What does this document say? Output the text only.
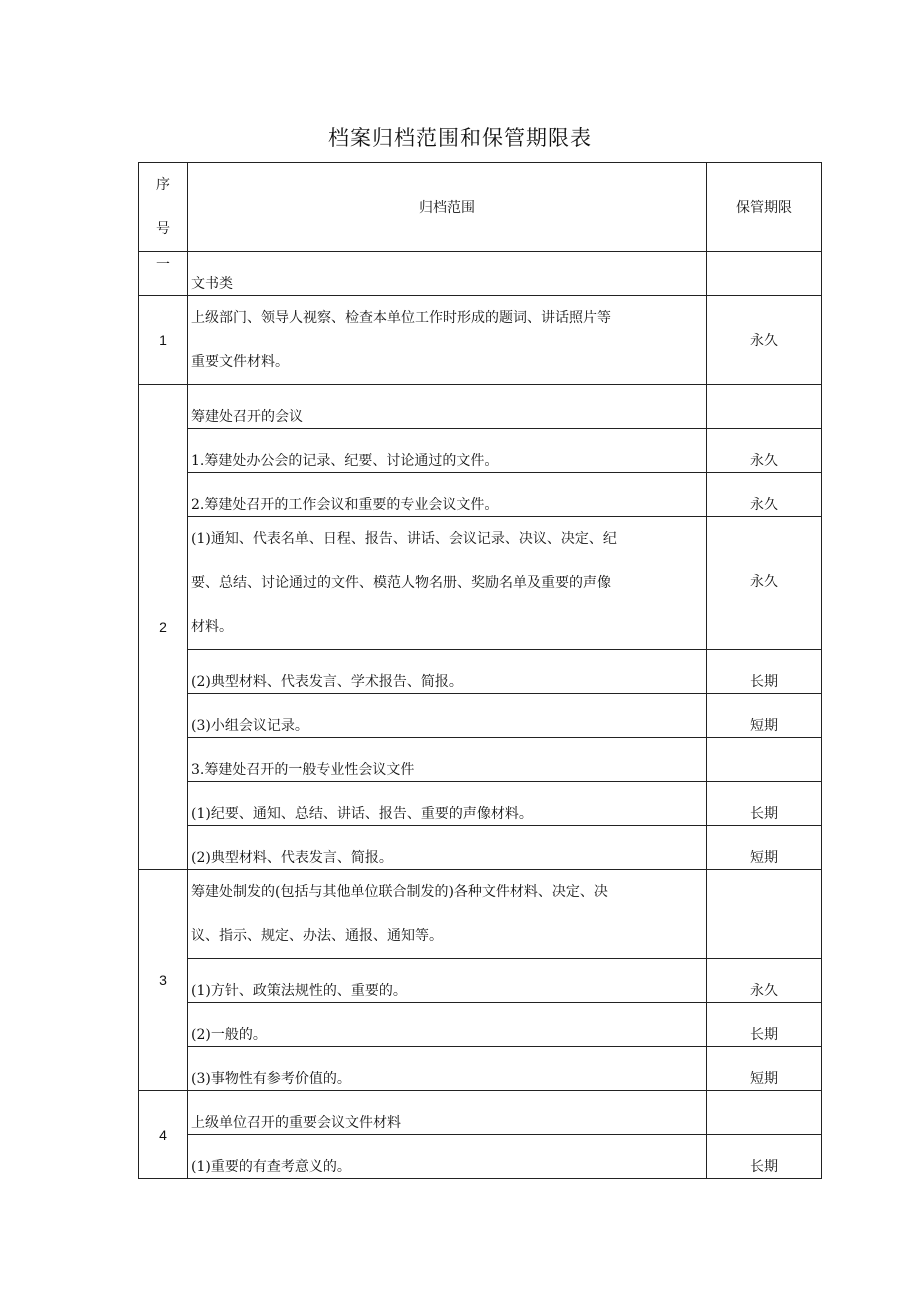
档案归档范围和保管期限表
序
号	归档范围	保管期限
一	文书类	
1	上级部门、领导人视察、检查本单位工作时形成的题词、讲话照片等
重要文件材料。	永久
2	筹建处召开的会议	
	1.筹建处办公会的记录、纪要、讨论通过的文件。	永久
	2.筹建处召开的工作会议和重要的专业会议文件。	永久

	(1)通知、代表名单、日程、报告、讲话、会议记录、决议、决定、纪
要、总结、讨论通过的文件、模范人物名册、奖励名单及重要的声像
材料。	永久
	(2)典型材料、代表发言、学术报告、简报。	长期
	(3)小组会议记录。	短期
	3.筹建处召开的一般专业性会议文件	
	(1)纪要、通知、总结、讲话、报告、重要的声像材料。	长期
	(2)典型材料、代表发言、简报。	短期
3	筹建处制发的(包括与其他单位联合制发的)各种文件材料、决定、决
议、指示、规定、办法、通报、通知等。	

	(1)方针、政策法规性的、重要的。	永久
	(2)一般的。	长期
	(3)事物性有参考价值的。	短期
4	上级单位召开的重要会议文件材料	
	(1)重要的有查考意义的。	长期
